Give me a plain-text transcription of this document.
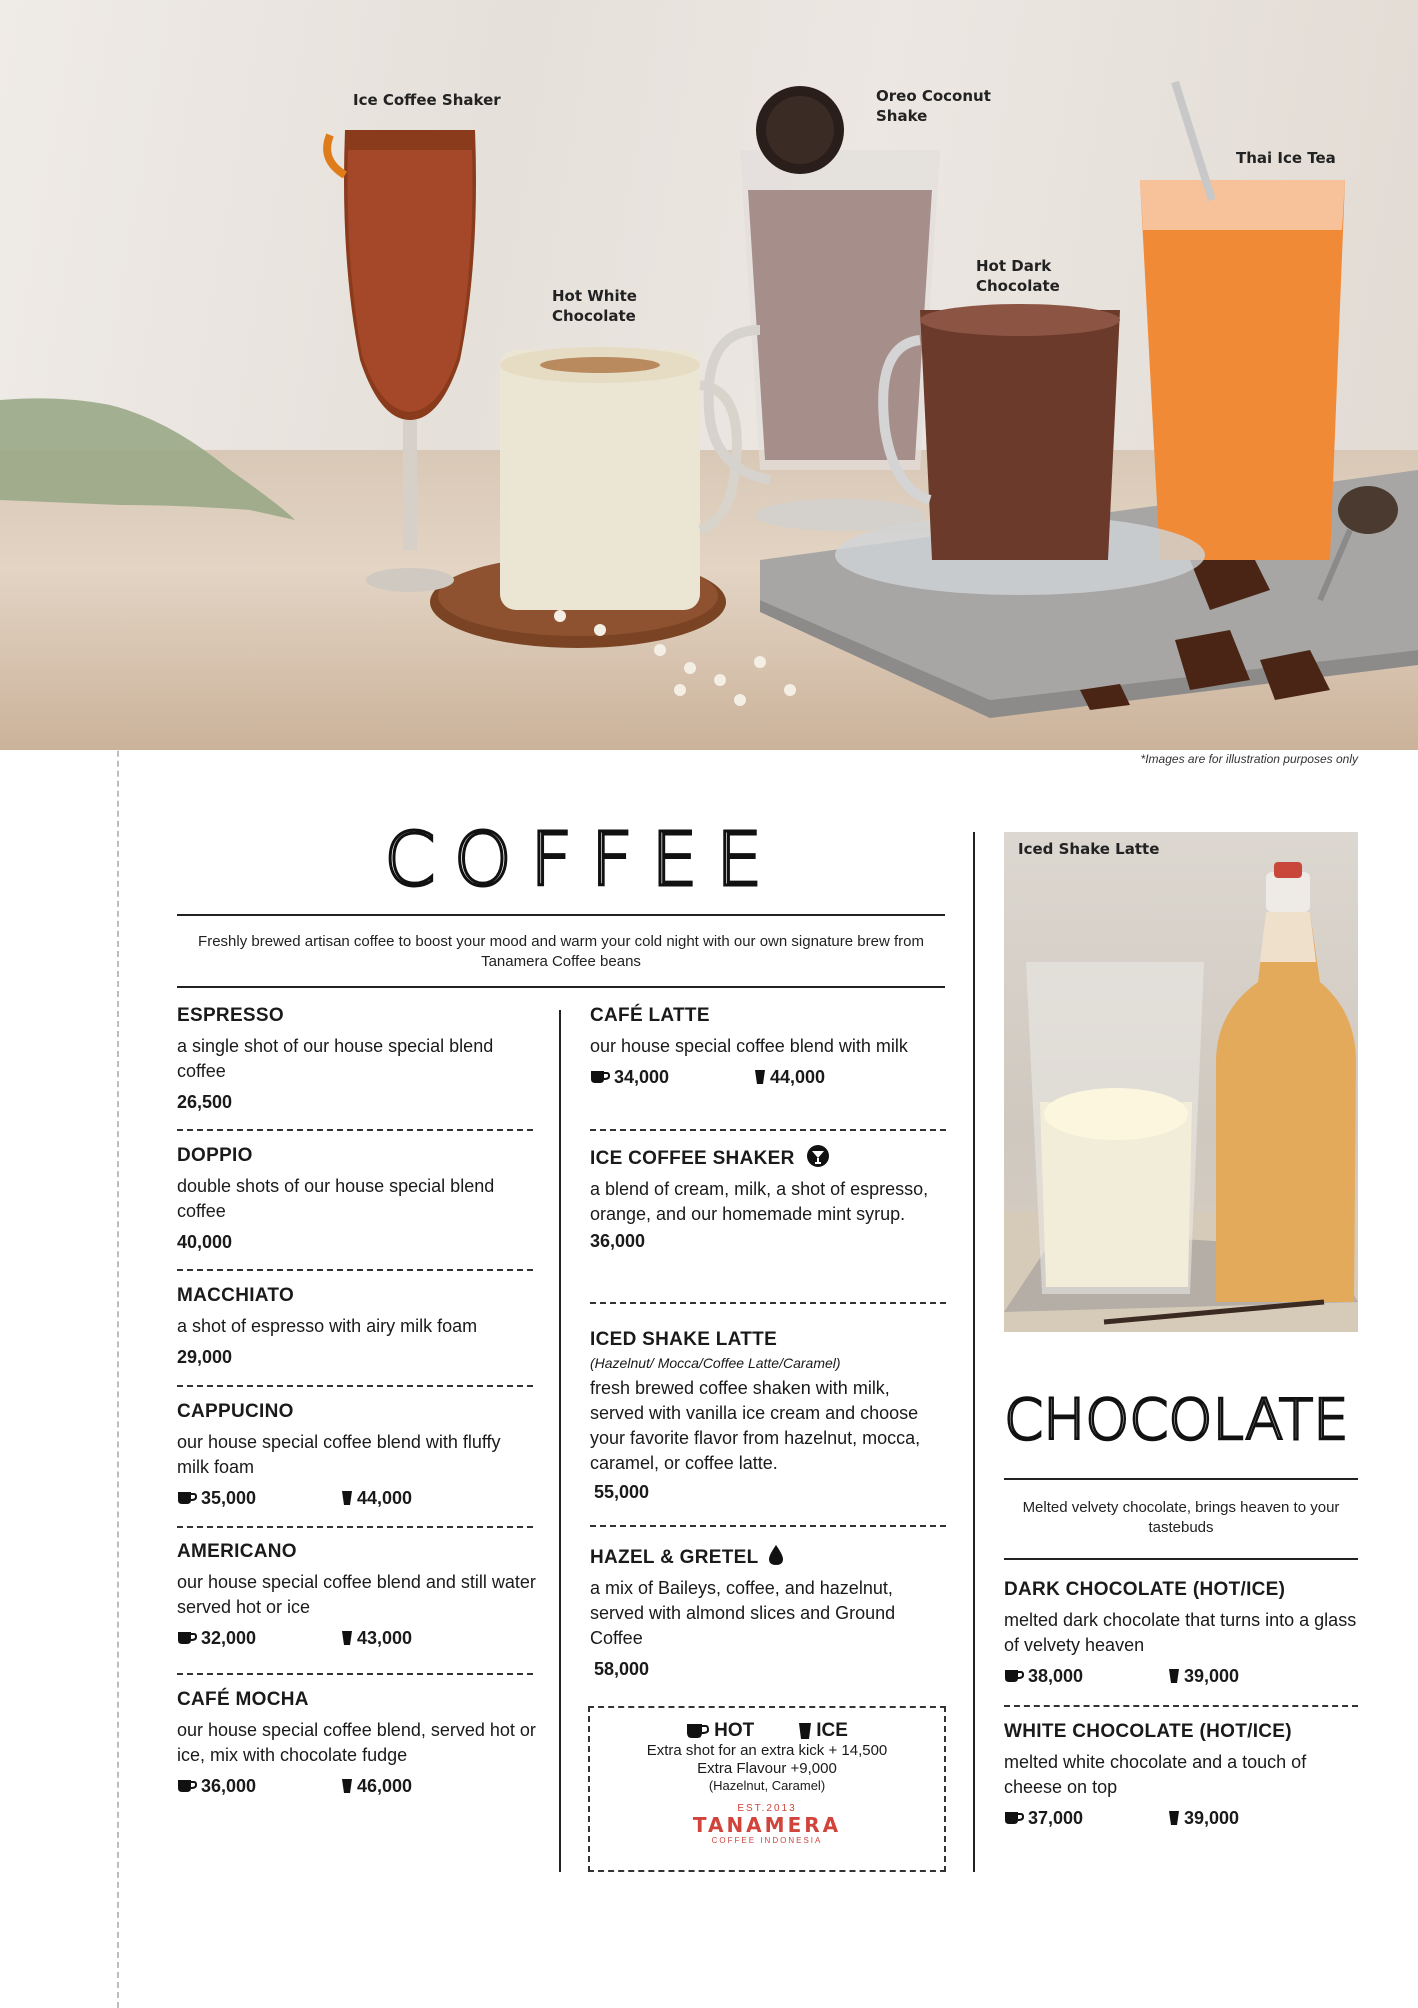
Ice Coffee Shaker	Oreo Coconut Shake
Thai Ice Tea
Hot White Chocolate
Hot Dark Chocolate
*Images are for illustration purposes only
COFFEE
Freshly brewed artisan coffee to boost your mood and warm your cold night with our own signature brew from Tanamera Coffee beans
ESPRESSO
a single shot of our house special blend coffee
26,500
DOPPIO
double shots of our house special blend coffee
40,000
MACCHIATO
a shot of espresso with airy milk foam
29,000
CAPPUCINO
our house special coffee blend with fluffy milk foam
35,000	44,000
AMERICANO
our house special coffee blend and still water served hot or ice
32,000	43,000
CAFÉ MOCHA
our house special coffee blend, served hot or ice, mix with chocolate fudge
36,000	46,000
CAFÉ LATTE
our house special coffee blend with milk
34,000	44,000
ICE COFFEE SHAKER
a blend of cream, milk, a shot of espresso, orange, and our homemade mint syrup.
36,000
ICED SHAKE LATTE
(Hazelnut/ Mocca/Coffee Latte/Caramel)
fresh brewed coffee shaken with milk, served with vanilla ice cream and choose your favorite flavor from hazelnut, mocca, caramel, or coffee latte.
55,000
HAZEL & GRETEL
a mix of Baileys, coffee, and hazelnut, served with almond slices and Ground Coffee
58,000
HOT	ICE
Extra shot for an extra kick + 14,500
Extra Flavour +9,000
(Hazelnut, Caramel)
EST.2013
TANAMERA
COFFEE INDONESIA
Iced Shake Latte
CHOCOLATE
Melted velvety chocolate, brings heaven to your tastebuds
DARK CHOCOLATE (HOT/ICE)
melted dark chocolate that turns into a glass of velvety heaven
38,000	39,000
WHITE CHOCOLATE (HOT/ICE)
melted white chocolate and a touch of cheese on top
37,000	39,000
